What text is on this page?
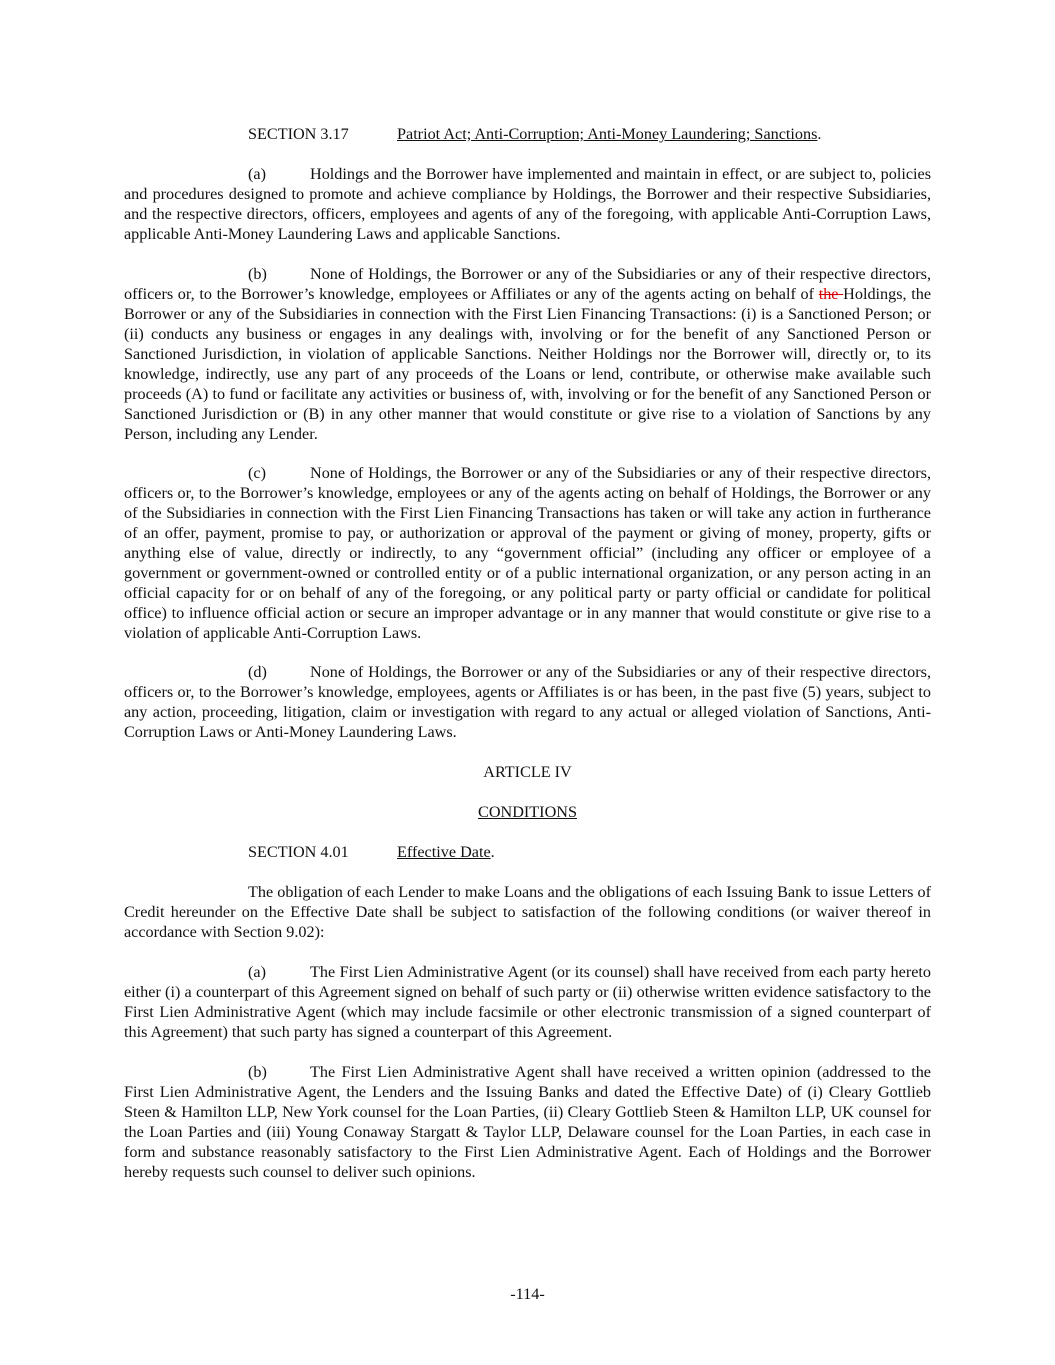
SECTION 3.17	Patriot Act; Anti-Corruption; Anti-Money Laundering; Sanctions.

(a)	Holdings and the Borrower have implemented and maintain in effect, or are subject to, policies and procedures designed to promote and achieve compliance by Holdings, the Borrower and their respective Subsidiaries, and the respective directors, officers, employees and agents of any of the foregoing, with applicable Anti-Corruption Laws, applicable Anti-Money Laundering Laws and applicable Sanctions.

(b)	None of Holdings, the Borrower or any of the Subsidiaries or any of their respective directors, officers or, to the Borrower’s knowledge, employees or Affiliates or any of the agents acting on behalf of the Holdings, the Borrower or any of the Subsidiaries in connection with the First Lien Financing Transactions: (i) is a Sanctioned Person; or (ii) conducts any business or engages in any dealings with, involving or for the benefit of any Sanctioned Person or Sanctioned Jurisdiction, in violation of applicable Sanctions. Neither Holdings nor the Borrower will, directly or, to its knowledge, indirectly, use any part of any proceeds of the Loans or lend, contribute, or otherwise make available such proceeds (A) to fund or facilitate any activities or business of, with, involving or for the benefit of any Sanctioned Person or Sanctioned Jurisdiction or (B) in any other manner that would constitute or give rise to a violation of Sanctions by any Person, including any Lender.

(c)	None of Holdings, the Borrower or any of the Subsidiaries or any of their respective directors, officers or, to the Borrower’s knowledge, employees or any of the agents acting on behalf of Holdings, the Borrower or any of the Subsidiaries in connection with the First Lien Financing Transactions has taken or will take any action in furtherance of an offer, payment, promise to pay, or authorization or approval of the payment or giving of money, property, gifts or anything else of value, directly or indirectly, to any “government official” (including any officer or employee of a government or government-owned or controlled entity or of a public international organization, or any person acting in an official capacity for or on behalf of any of the foregoing, or any political party or party official or candidate for political office) to influence official action or secure an improper advantage or in any manner that would constitute or give rise to a violation of applicable Anti-Corruption Laws.

(d)	None of Holdings, the Borrower or any of the Subsidiaries or any of their respective directors, officers or, to the Borrower’s knowledge, employees, agents or Affiliates is or has been, in the past five (5) years, subject to any action, proceeding, litigation, claim or investigation with regard to any actual or alleged violation of Sanctions, Anti-Corruption Laws or Anti-Money Laundering Laws.

ARTICLE IV
CONDITIONS
SECTION 4.01	Effective Date.

The obligation of each Lender to make Loans and the obligations of each Issuing Bank to issue Letters of Credit hereunder on the Effective Date shall be subject to satisfaction of the following conditions (or waiver thereof in accordance with Section 9.02):

(a)	The First Lien Administrative Agent (or its counsel) shall have received from each party hereto either (i) a counterpart of this Agreement signed on behalf of such party or (ii) otherwise written evidence satisfactory to the First Lien Administrative Agent (which may include facsimile or other electronic transmission of a signed counterpart of this Agreement) that such party has signed a counterpart of this Agreement.

(b)	The First Lien Administrative Agent shall have received a written opinion (addressed to the First Lien Administrative Agent, the Lenders and the Issuing Banks and dated the Effective Date) of (i) Cleary Gottlieb Steen & Hamilton LLP, New York counsel for the Loan Parties, (ii) Cleary Gottlieb Steen & Hamilton LLP, UK counsel for the Loan Parties and (iii) Young Conaway Stargatt & Taylor LLP, Delaware counsel for the Loan Parties, in each case in form and substance reasonably satisfactory to the First Lien Administrative Agent. Each of Holdings and the Borrower hereby requests such counsel to deliver such opinions.

-114-
